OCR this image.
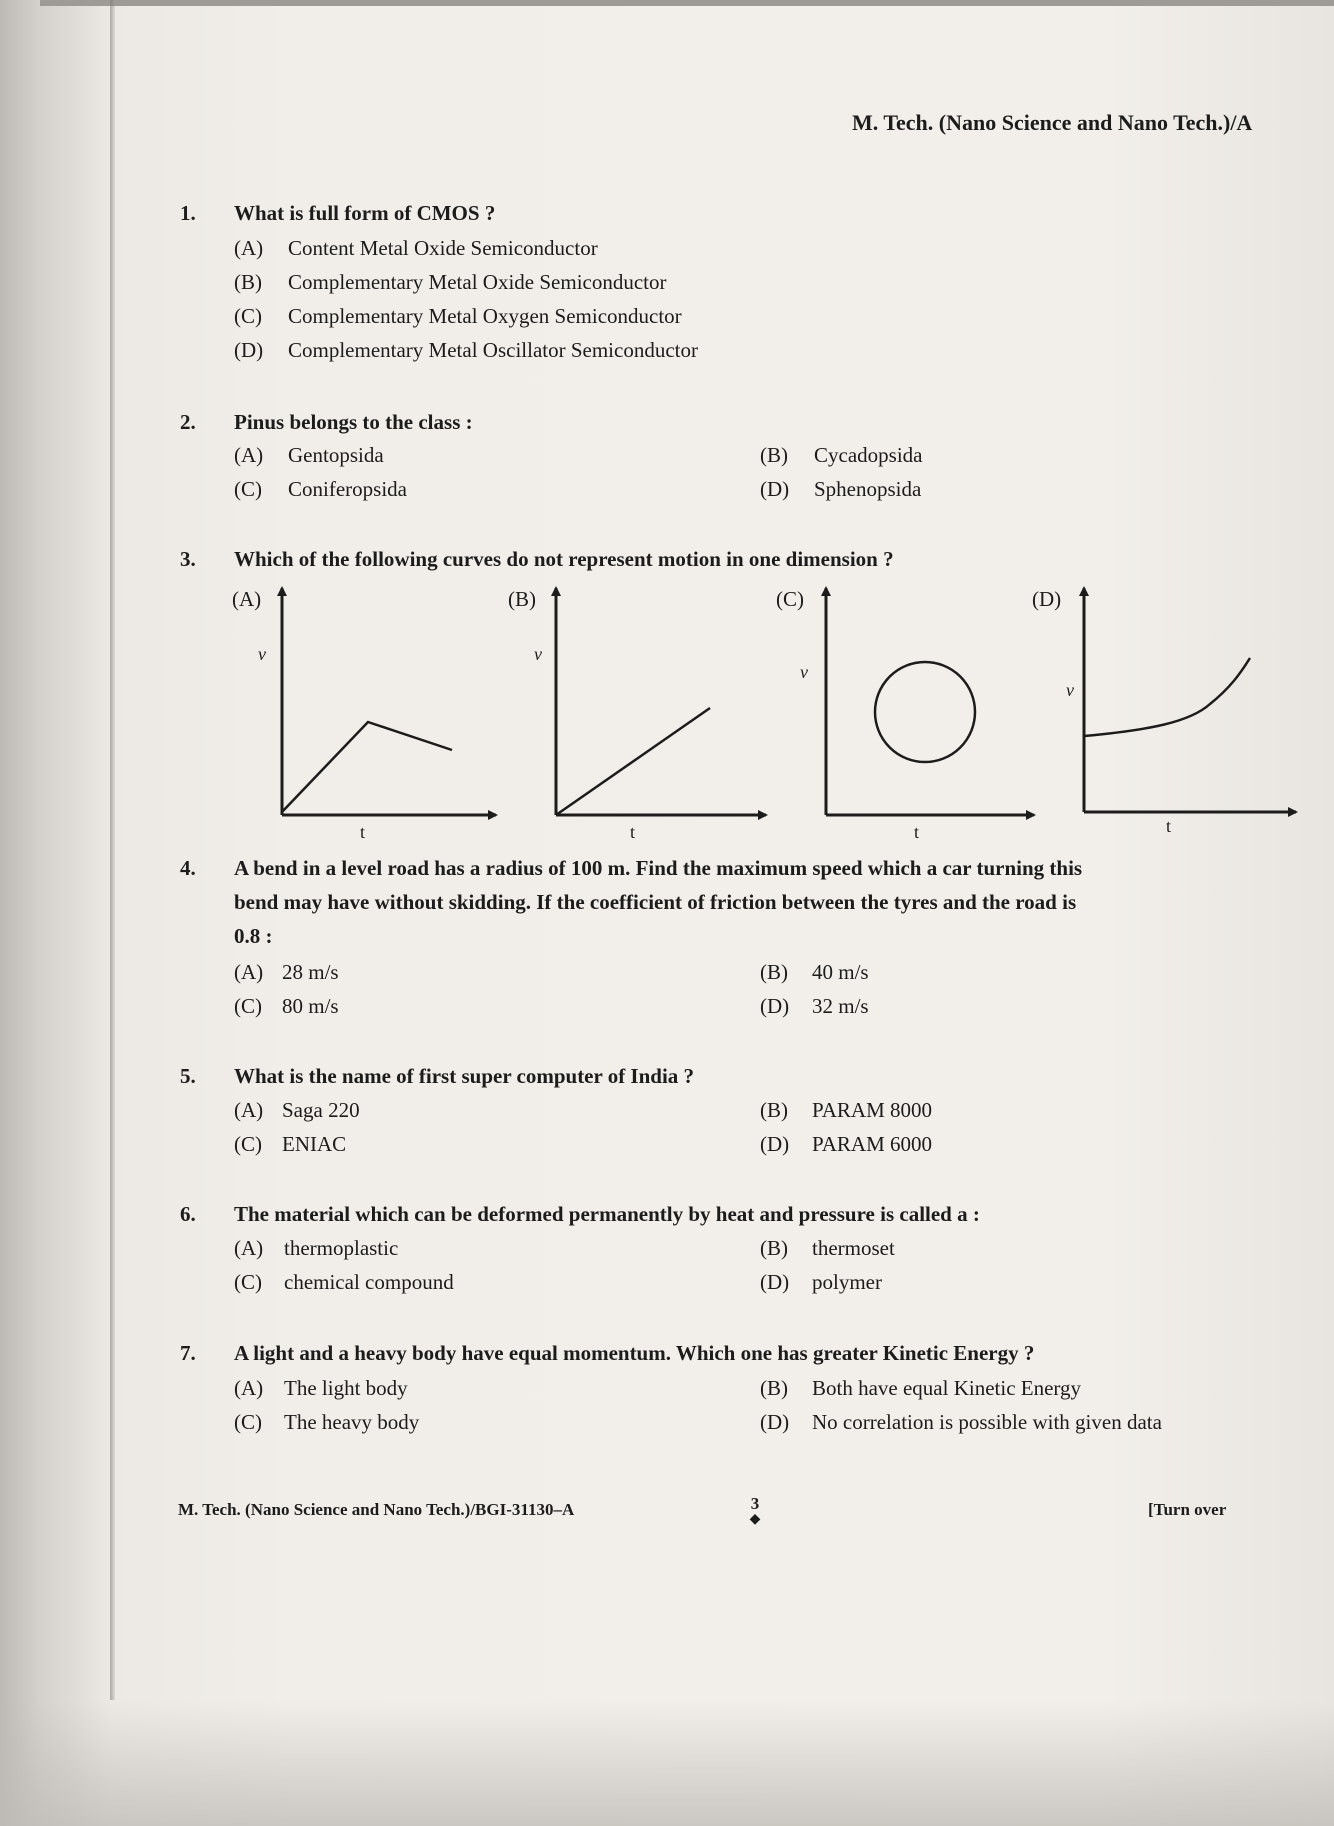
M. Tech. (Nano Science and Nano Tech.)/A
1. What is full form of CMOS ?
(A) Content Metal Oxide Semiconductor
(B) Complementary Metal Oxide Semiconductor
(C) Complementary Metal Oxygen Semiconductor
(D) Complementary Metal Oscillator Semiconductor
2. Pinus belongs to the class :
(A) Gentopsida	(B) Cycadopsida
(C) Coniferopsida	(D) Sphenopsida
3. Which of the following curves do not represent motion in one dimension ?
(A)
v
t
(B)
v
t
(C)
v
t
(D)
v
t
4. A bend in a level road has a radius of 100 m. Find the maximum speed which a car turning this
bend may have without skidding. If the coefficient of friction between the tyres and the road is
0.8 :
(A) 28 m/s	(B) 40 m/s
(C) 80 m/s	(D) 32 m/s
5. What is the name of first super computer of India ?
(A) Saga 220	(B) PARAM 8000
(C) ENIAC	(D) PARAM 6000
6. The material which can be deformed permanently by heat and pressure is called a :
(A) thermoplastic	(B) thermoset
(C) chemical compound	(D) polymer
7. A light and a heavy body have equal momentum. Which one has greater Kinetic Energy ?
(A) The light body	(B) Both have equal Kinetic Energy
(C) The heavy body	(D) No correlation is possible with given data
M. Tech. (Nano Science and Nano Tech.)/BGI-31130–A	3
◆
[Turn over
